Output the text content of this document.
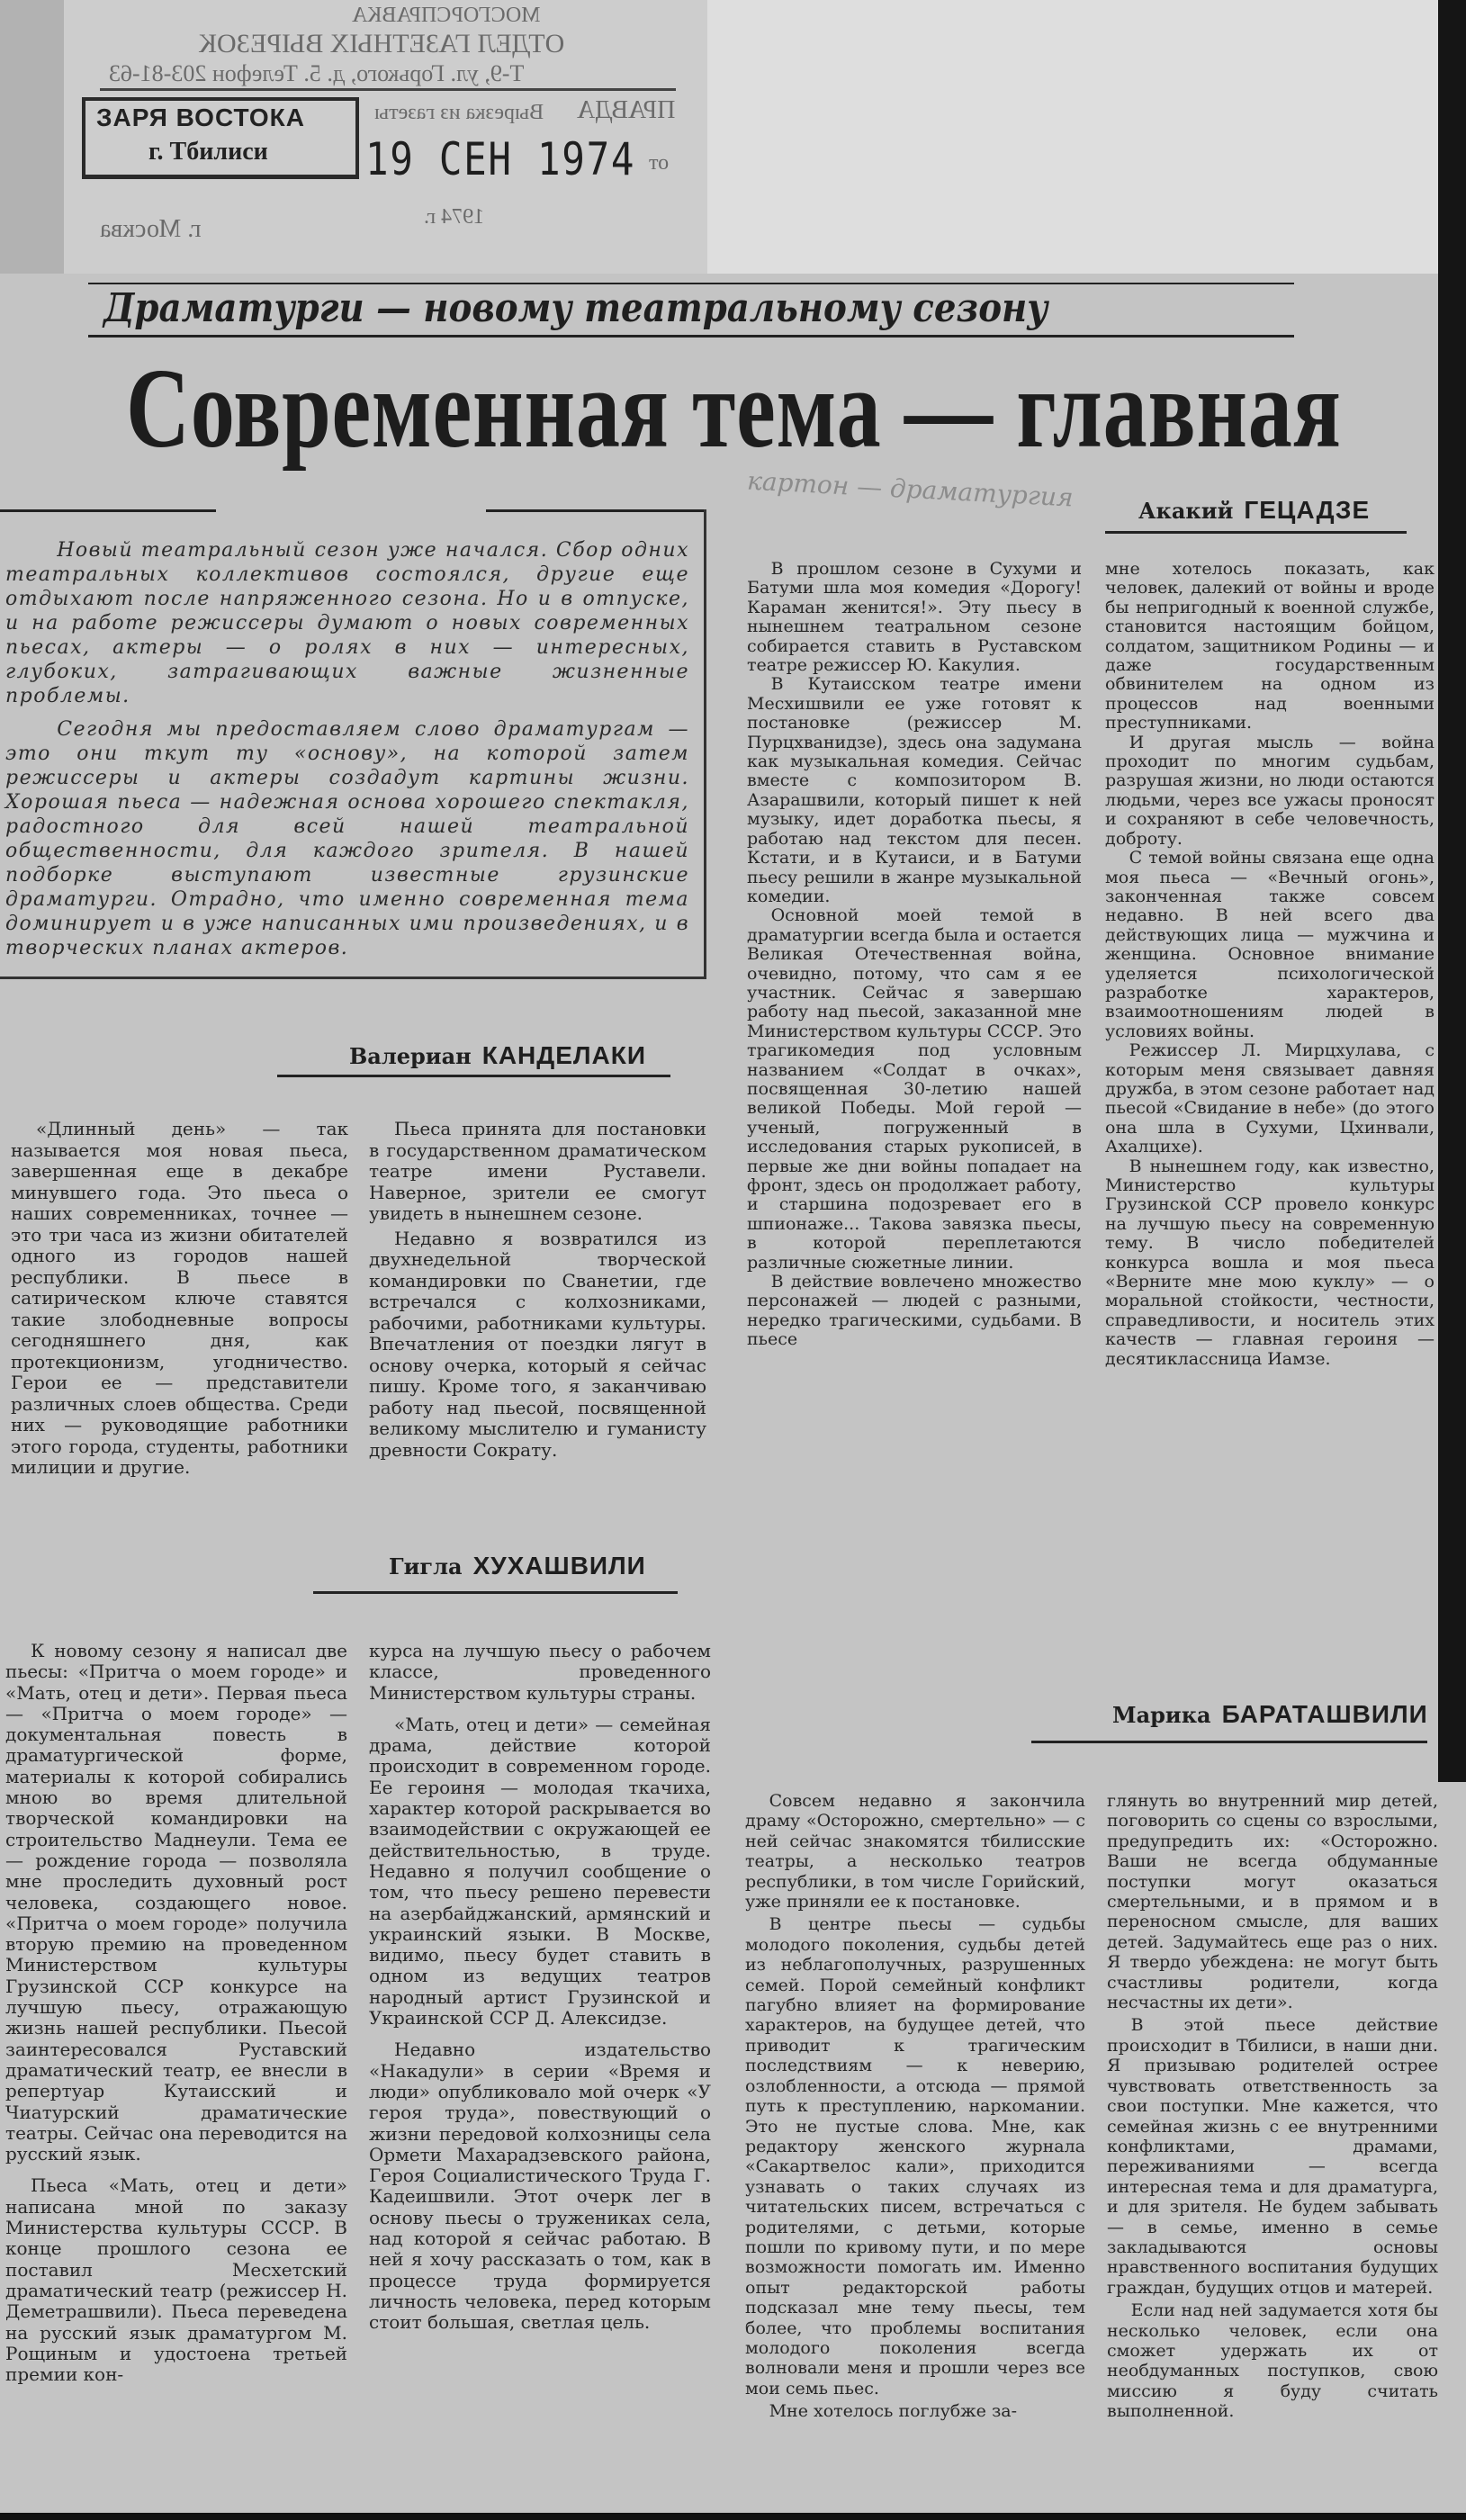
МОСГОРСПРАВКА
ОТДЕЛ ГАЗЕТНЫХ ВЫРЕЗОК
Т-9, ул. Горького, д. 5. Телефон 203-81-63
ЗАРЯ ВОСТОКА
г. Тбилиси
Вырезка из газеты ПРАВДА
19 СЕН 1974 от
1974 г.
г. Москва
Драматурги — новому театральному сезону
Современная тема — главная
картон — драматургия

Новый театральный сезон уже начался. Сбор одних театральных коллективов состоялся, другие еще отдыхают после напряженного сезона. Но и в отпуске, и на работе режиссеры думают о новых современных пьесах, актеры — о ролях в них — интересных, глубоких, затрагивающих важные жизненные проблемы.

Сегодня мы предоставляем слово драматургам — это они ткут ту «основу», на которой затем режиссеры и актеры создадут картины жизни. Хорошая пьеса — надежная основа хорошего спектакля, радостного для всей нашей театральной общественности, для каждого зрителя. В нашей подборке выступают известные грузинские драматурги. Отрадно, что именно современная тема доминирует и в уже написанных ими произведениях, и в творческих планах актеров.

Акакий ГЕЦАДЗЕ

В прошлом сезоне в Сухуми и Батуми шла моя комедия «Дорогу! Караман женится!». Эту пьесу в нынешнем театральном сезоне собирается ставить в Руставском театре режиссер Ю. Какулия.

В Кутаисском театре имени Месхишвили ее уже готовят к постановке (режиссер М. Пурцхванидзе), здесь она задумана как музыкальная комедия. Сейчас вместе с композитором В. Азарашвили, который пишет к ней музыку, идет доработка пьесы, я работаю над текстом для песен. Кстати, и в Кутаиси, и в Батуми пьесу решили в жанре музыкальной комедии.

Основной моей темой в драматургии всегда была и остается Великая Отечественная война, очевидно, потому, что сам я ее участник. Сейчас я завершаю работу над пьесой, заказанной мне Министерством культуры СССР. Это трагикомедия под условным названием «Солдат в очках», посвященная 30-летию нашей великой Победы. Мой герой — ученый, погруженный в исследования старых рукописей, в первые же дни войны попадает на фронт, здесь он продолжает работу, и старшина подозревает его в шпионаже... Такова завязка пьесы, в которой переплетаются различные сюжетные линии.

В действие вовлечено множество персонажей — людей с разными, нередко трагическими, судьбами. В пьесе

мне хотелось показать, как человек, далекий от войны и вроде бы непригодный к военной службе, становится настоящим бойцом, солдатом, защитником Родины — и даже государственным обвинителем на одном из процессов над военными преступниками.

И другая мысль — война проходит по многим судьбам, разрушая жизни, но люди остаются людьми, через все ужасы проносят и сохраняют в себе человечность, доброту.

С темой войны связана еще одна моя пьеса — «Вечный огонь», законченная также совсем недавно. В ней всего два действующих лица — мужчина и женщина. Основное внимание уделяется психологической разработке характеров, взаимоотношениям людей в условиях войны.

Режиссер Л. Мирцхулава, с которым меня связывает давняя дружба, в этом сезоне работает над пьесой «Свидание в небе» (до этого она шла в Сухуми, Цхинвали, Ахалцихе).

В нынешнем году, как известно, Министерство культуры Грузинской ССР провело конкурс на лучшую пьесу на современную тему. В число победителей конкурса вошла и моя пьеса «Верните мне мою куклу» — о моральной стойкости, честности, справедливости, и носитель этих качеств — главная героиня — десятиклассница Иамзе.

Валериан КАНДЕЛАКИ

«Длинный день» — так называется моя новая пьеса, завершенная еще в декабре минувшего года. Это пьеса о наших современниках, точнее — это три часа из жизни обитателей одного из городов нашей республики. В пьесе в сатирическом ключе ставятся такие злободневные вопросы сегодняшнего дня, как протекционизм, угодничество. Герои ее — представители различных слоев общества. Среди них — руководящие работники этого города, студенты, работники милиции и другие.

Пьеса принята для постановки в государственном драматическом театре имени Руставели. Наверное, зрители ее смогут увидеть в нынешнем сезоне.

Недавно я возвратился из двухнедельной творческой командировки по Сванетии, где встречался с колхозниками, рабочими, работниками культуры. Впечатления от поездки лягут в основу очерка, который я сейчас пишу. Кроме того, я заканчиваю работу над пьесой, посвященной великому мыслителю и гуманисту древности Сократу.

Гигла ХУХАШВИЛИ

К новому сезону я написал две пьесы: «Притча о моем городе» и «Мать, отец и дети». Первая пьеса — «Притча о моем городе» — документальная повесть в драматургической форме, материалы к которой собирались мною во время длительной творческой командировки на строительство Маднеули. Тема ее — рождение города — позволяла мне проследить духовный рост человека, создающего новое. «Притча о моем городе» получила вторую премию на проведенном Министерством культуры Грузинской ССР конкурсе на лучшую пьесу, отражающую жизнь нашей республики. Пьесой заинтересовался Руставский драматический театр, ее внесли в репертуар Кутаисский и Чиатурский драматические театры. Сейчас она переводится на русский язык.

Пьеса «Мать, отец и дети» написана мной по заказу Министерства культуры СССР. В конце прошлого сезона ее поставил Месхетский драматический театр (режиссер Н. Деметрашвили). Пьеса переведена на русский язык драматургом М. Рощиным и удостоена третьей премии кон-

курса на лучшую пьесу о рабочем классе, проведенного Министерством культуры страны.

«Мать, отец и дети» — семейная драма, действие которой происходит в современном городе. Ее героиня — молодая ткачиха, характер которой раскрывается во взаимодействии с окружающей ее действительностью, в труде. Недавно я получил сообщение о том, что пьесу решено перевести на азербайджанский, армянский и украинский языки. В Москве, видимо, пьесу будет ставить в одном из ведущих театров народный артист Грузинской и Украинской ССР Д. Алексидзе.

Недавно издательство «Накадули» в серии «Время и люди» опубликовало мой очерк «У героя труда», повествующий о жизни передовой колхозницы села Ормети Махарадзевского района, Героя Социалистического Труда Г. Кадеишвили. Этот очерк лег в основу пьесы о тружениках села, над которой я сейчас работаю. В ней я хочу рассказать о том, как в процессе труда формируется личность человека, перед которым стоит большая, светлая цель.

Марика БАРАТАШВИЛИ

Совсем недавно я закончила драму «Осторожно, смертельно» — с ней сейчас знакомятся тбилисские театры, а несколько театров республики, в том числе Горийский, уже приняли ее к постановке.

В центре пьесы — судьбы молодого поколения, судьбы детей из неблагополучных, разрушенных семей. Порой семейный конфликт пагубно влияет на формирование характеров, на будущее детей, что приводит к трагическим последствиям — к неверию, озлобленности, а отсюда — прямой путь к преступлению, наркомании. Это не пустые слова. Мне, как редактору женского журнала «Сакартвелос кали», приходится узнавать о таких случаях из читательских писем, встречаться с родителями, с детьми, которые пошли по кривому пути, и по мере возможности помогать им. Именно опыт редакторской работы подсказал мне тему пьесы, тем более, что проблемы воспитания молодого поколения всегда волновали меня и прошли через все мои семь пьес.

Мне хотелось поглубже за-

глянуть во внутренний мир детей, поговорить со сцены со взрослыми, предупредить их: «Осторожно. Ваши не всегда обдуманные поступки могут оказаться смертельными, и в прямом и в переносном смысле, для ваших детей. Задумайтесь еще раз о них. Я твердо убеждена: не могут быть счастливы родители, когда несчастны их дети».

В этой пьесе действие происходит в Тбилиси, в наши дни. Я призываю родителей острее чувствовать ответственность за свои поступки. Мне кажется, что семейная жизнь с ее внутренними конфликтами, драмами, переживаниями — всегда интересная тема и для драматурга, и для зрителя. Не будем забывать — в семье, именно в семье закладываются основы нравственного воспитания будущих граждан, будущих отцов и матерей.

Если над ней задумается хотя бы несколько человек, если она сможет удержать их от необдуманных поступков, свою миссию я буду считать выполненной.
